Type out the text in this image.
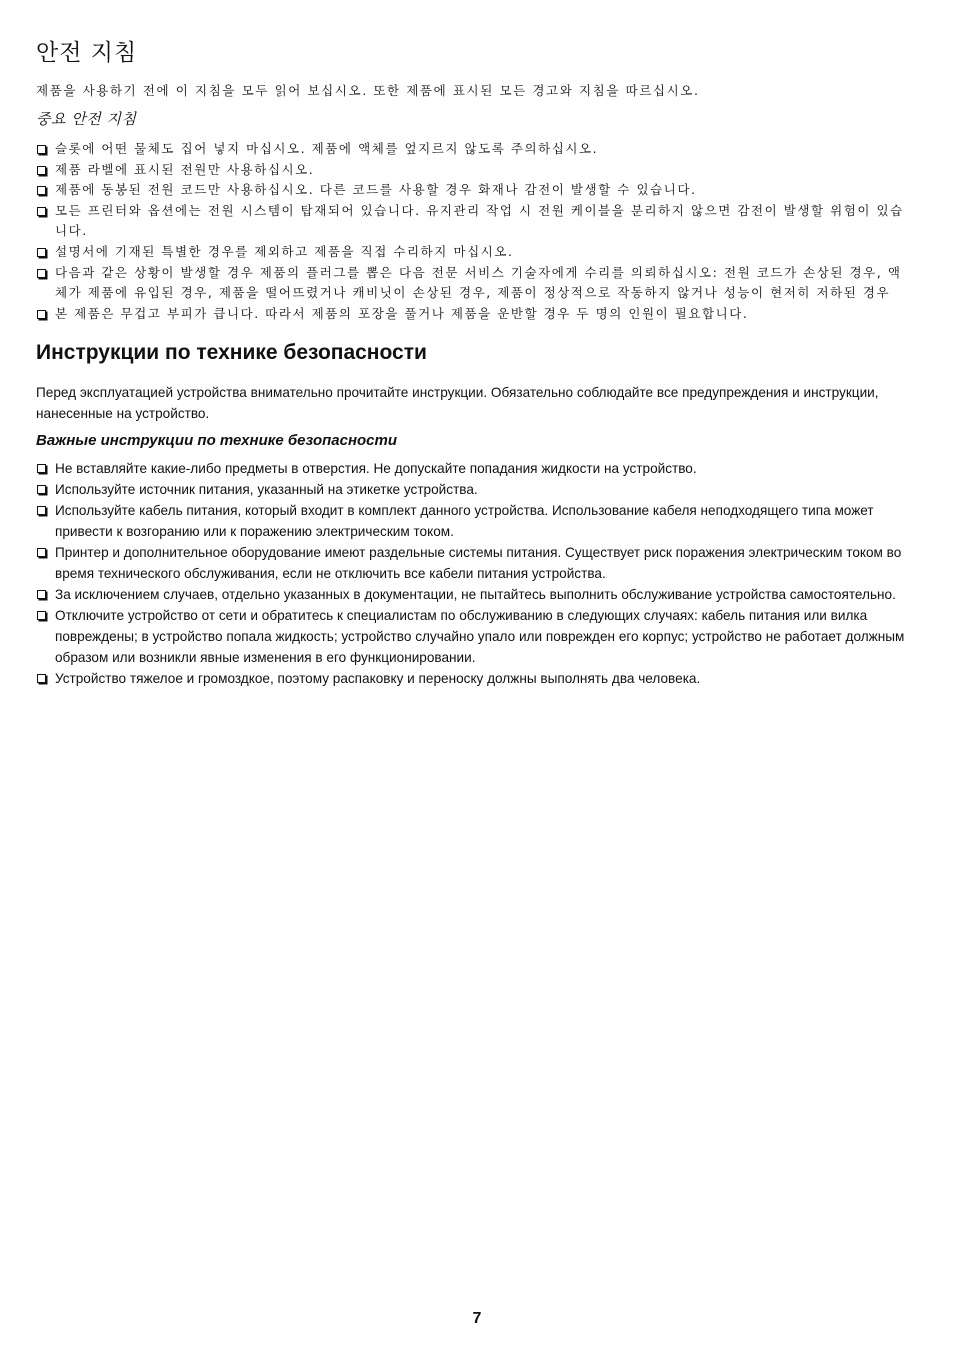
안전 지침

제품을 사용하기 전에 이 지침을 모두 읽어 보십시오. 또한 제품에 표시된 모든 경고와 지침을 따르십시오.

중요 안전 지침
슬롯에 어떤 물체도 집어 넣지 마십시오. 제품에 액체를 엎지르지 않도록 주의하십시오.
제품 라벨에 표시된 전원만 사용하십시오.
제품에 동봉된 전원 코드만 사용하십시오. 다른 코드를 사용할 경우 화재나 감전이 발생할 수 있습니다.
모든 프린터와 옵션에는 전원 시스템이 탑재되어 있습니다. 유지관리 작업 시 전원 케이블을 분리하지 않으면 감전이 발생할 위험이 있습니다.
설명서에 기재된 특별한 경우를 제외하고 제품을 직접 수리하지 마십시오.
다음과 같은 상황이 발생할 경우 제품의 플러그를 뽑은 다음 전문 서비스 기술자에게 수리를 의뢰하십시오: 전원 코드가 손상된 경우, 액체가 제품에 유입된 경우, 제품을 떨어뜨렸거나 캐비닛이 손상된 경우, 제품이 정상적으로 작동하지 않거나 성능이 현저히 저하된 경우
본 제품은 무겁고 부피가 큽니다. 따라서 제품의 포장을 풀거나 제품을 운반할 경우 두 명의 인원이 필요합니다.
Инструкции по технике безопасности

Перед эксплуатацией устройства внимательно прочитайте инструкции. Обязательно соблюдайте все предупреждения и инструкции, нанесенные на устройство.

Важные инструкции по технике безопасности
Не вставляйте какие-либо предметы в отверстия. Не допускайте попадания жидкости на устройство.
Используйте источник питания, указанный на этикетке устройства.
Используйте кабель питания, который входит в комплект данного устройства. Использование кабеля неподходящего типа может привести к возгоранию или к поражению электрическим током.
Принтер и дополнительное оборудование имеют раздельные системы питания. Существует риск поражения электрическим током во время технического обслуживания, если не отключить все кабели питания устройства.
За исключением случаев, отдельно указанных в документации, не пытайтесь выполнить обслуживание устройства самостоятельно.
Отключите устройство от сети и обратитесь к специалистам по обслуживанию в следующих случаях: кабель питания или вилка повреждены; в устройство попала жидкость; устройство случайно упало или поврежден его корпус; устройство не работает должным образом или возникли явные изменения в его функционировании.
Устройство тяжелое и громоздкое, поэтому распаковку и переноску должны выполнять два человека.
7
